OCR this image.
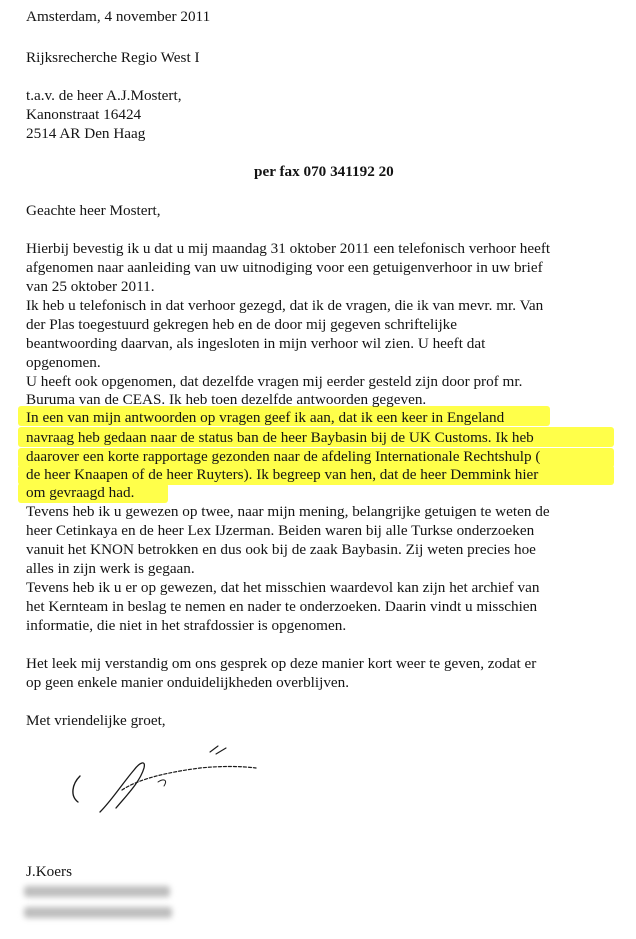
Amsterdam, 4 november 2011
Rijksrecherche Regio West I
t.a.v. de heer A.J.Mostert,
Kanonstraat 16424
2514 AR Den Haag
per fax 070 341192 20
Geachte heer Mostert,
Hierbij bevestig ik u dat u mij maandag 31 oktober 2011 een telefonisch verhoor heeft
afgenomen naar aanleiding van uw uitnodiging voor een getuigenverhoor in uw brief
van 25 oktober 2011.
Ik heb u telefonisch in dat verhoor gezegd, dat ik de vragen, die ik van mevr. mr. Van
der Plas toegestuurd gekregen heb en de door mij gegeven schriftelijke
beantwoording daarvan, als ingesloten in mijn verhoor wil zien. U heeft dat
opgenomen.
U heeft ook opgenomen, dat dezelfde vragen mij eerder gesteld zijn door prof mr.
Buruma van de CEAS. Ik heb toen dezelfde antwoorden gegeven.
In een van mijn antwoorden op vragen geef ik aan, dat ik een keer in Engeland
navraag heb gedaan naar de status ban de heer Baybasin bij de UK Customs. Ik heb
daarover een korte rapportage gezonden naar de afdeling Internationale Rechtshulp (
de heer Knaapen of de heer Ruyters). Ik begreep van hen, dat de heer Demmink hier
om gevraagd had.
Tevens heb ik u gewezen op twee, naar mijn mening, belangrijke getuigen te weten de
heer Cetinkaya en de heer Lex IJzerman. Beiden waren bij alle Turkse onderzoeken
vanuit het KNON betrokken en dus ook bij de zaak Baybasin. Zij weten precies hoe
alles in zijn werk is gegaan.
Tevens heb ik u er op gewezen, dat het misschien waardevol kan zijn het archief van
het Kernteam in beslag te nemen en nader te onderzoeken. Daarin vindt u misschien
informatie, die niet in het strafdossier is opgenomen.
Het leek mij verstandig om ons gesprek op deze manier kort weer te geven, zodat er
op geen enkele manier onduidelijkheden overblijven.
Met vriendelijke groet,
J.Koers
